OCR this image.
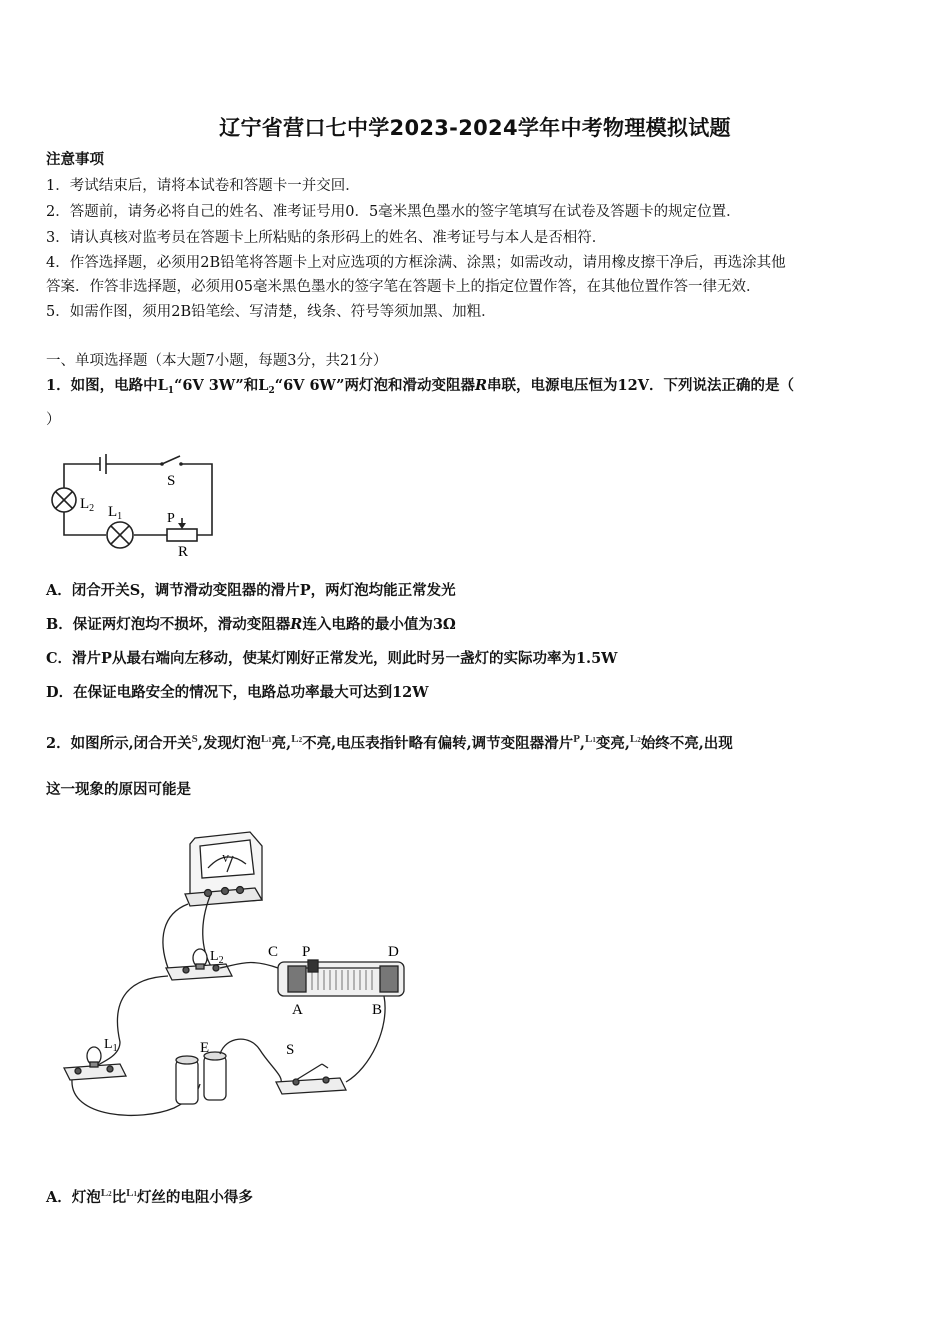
辽宁省营口七中学2023-2024学年中考物理模拟试题
注意事项
1．考试结束后，请将本试卷和答题卡一并交回．
2．答题前，请务必将自己的姓名、准考证号用0．5毫米黑色墨水的签字笔填写在试卷及答题卡的规定位置．
3．请认真核对监考员在答题卡上所粘贴的条形码上的姓名、准考证号与本人是否相符．
4．作答选择题，必须用2B铅笔将答题卡上对应选项的方框涂满、涂黑；如需改动，请用橡皮擦干净后，再选涂其他
答案．作答非选择题，必须用05毫米黑色墨水的签字笔在答题卡上的指定位置作答，在其他位置作答一律无效．
5．如需作图，须用2B铅笔绘、写清楚，线条、符号等须加黑、加粗．
一、单项选择题（本大题7小题，每题3分，共21分）
1．如图，电路中$L_1“6V$ 3W”和$L_2“6V$ 6W”两灯泡和滑动变阻器R串联，电源电压恒为12V．下列说法正确的是（
）
S
$L_2$ $L_1$	P
R
A．闭合开关S，调节滑动变阻器的滑片P，两灯泡均能正常发光
B．保证两灯泡均不损坏，滑动变阻器R连入电路的最小值为3Ω
C．滑片P从最右端向左移动，使某灯刚好正常发光，则此时另一盏灯的实际功率为1.5W
D．在保证电路安全的情况下，电路总功率最大可达到12W
2．如图所示,闭合开关$^S$,发现灯泡$^{L1}$亮,$^{L2}$不亮,电压表指针略有偏转,调节变阻器滑片$^P$,$^{L1}$变亮,$^{L2}$始终不亮,出现
这一现象的原因可能是
V
C P	D
A	B
E	S
$L_1$
$L_2$
A．灯泡$^{L2}$比$^{L1}$灯丝的电阻小得多
